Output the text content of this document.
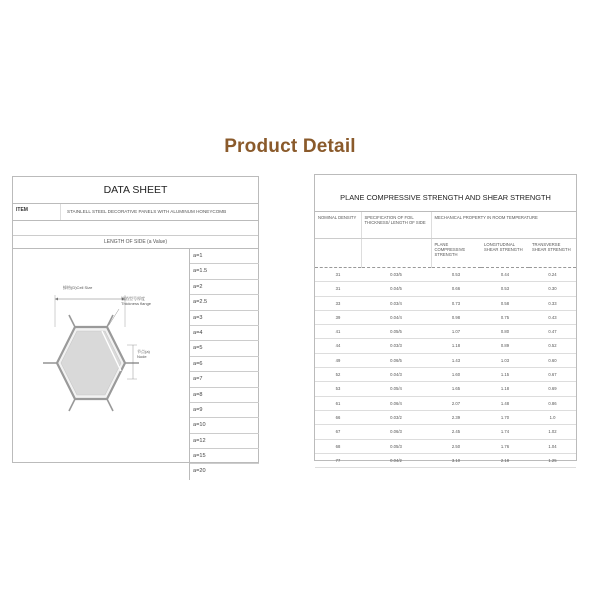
Product Detail
DATA SHEET
ITEM	STAINLELL STEEL DECORATIVE PANELS WITH ALUMINUM HONEYCOMB
LENGTH OF SIDE (a Value)
蜂格(D)Cell Size
铝箔型号厚度
Thickness flange
节点(a)
Node
a=1
a=1.5
a=2
a=2.5
a=3
a=4
a=5
a=6
a=7
a=8
a=9
a=10
a=12
a=15
a=20
PLANE COMPRESSIVE STRENGTH AND SHEAR STRENGTH
NOMINAL DENSITY	SPECIFICATION OF FOIL THICKNESS/ LENGTH OF SIDE	MECHANICAL PROPERTY IN ROOM TEMPERATURE		
		PLANE COMPRESSIVE STRENGTH	LONGITUDINAL SHEAR STRENGTH	TRANSVERSE SHEAR STRENGTH
31	0.03/5	0.53	0.44	0.24
31	0.04/5	0.66	0.53	0.30
33	0.03/4	0.73	0.58	0.33
39	0.04/4	0.98	0.75	0.43
41	0.05/5	1.07	0.80	0.47
44	0.03/3	1.18	0.89	0.52
49	0.06/5	1.43	1.03	0.60
52	0.04/3	1.60	1.15	0.67
53	0.05/4	1.65	1.18	0.69
61	0.06/4	2.07	1.48	0.86
66	0.03/2	2.39	1.70	1.0
67	0.06/3	2.45	1.74	1.02
68	0.05/3	2.50	1.76	1.04
77	0.04/2	3.10	2.18	1.25
